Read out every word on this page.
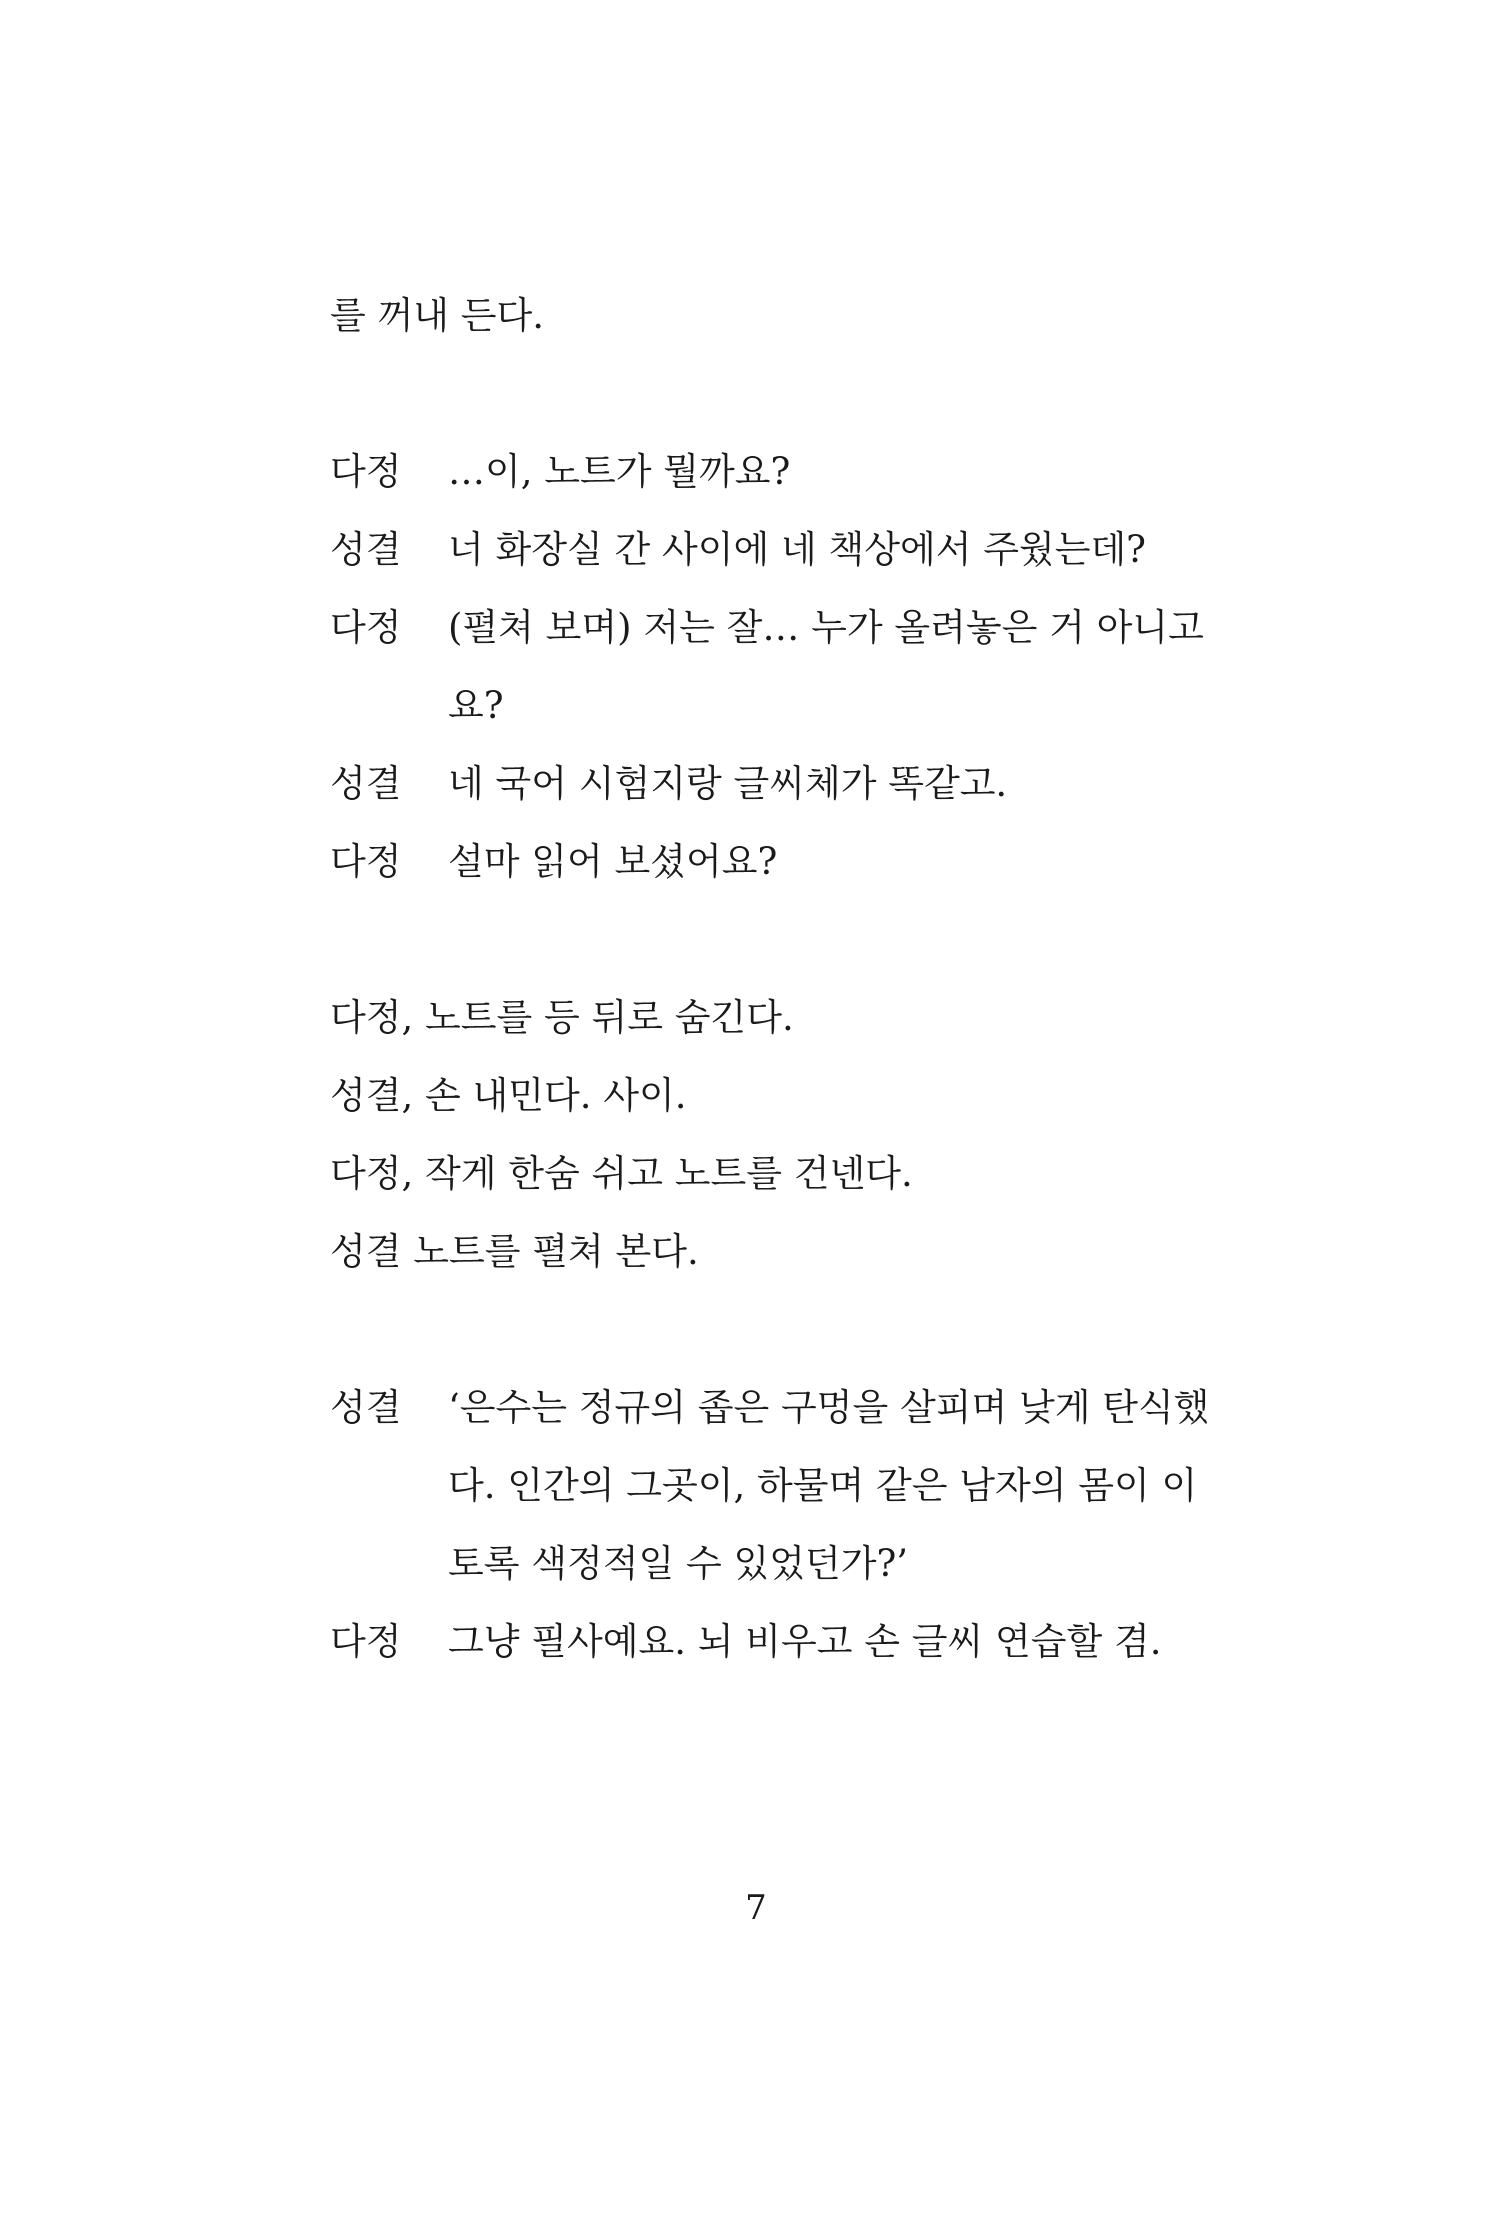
를 꺼내 든다.
다정	…이, 노트가 뭘까요?
성결	너 화장실 간 사이에 네 책상에서 주웠는데?
다정	(펼쳐 보며) 저는 잘… 누가 올려놓은 거 아니고
요?
성결	네 국어 시험지랑 글씨체가 똑같고.
다정	설마 읽어 보셨어요?
다정, 노트를 등 뒤로 숨긴다.
성결, 손 내민다. 사이.
다정, 작게 한숨 쉬고 노트를 건넨다.
성결 노트를 펼쳐 본다.
성결	‘은수는 정규의 좁은 구멍을 살피며 낮게 탄식했
다. 인간의 그곳이, 하물며 같은 남자의 몸이 이
토록 색정적일 수 있었던가?’
다정	그냥 필사예요. 뇌 비우고 손 글씨 연습할 겸.
7
